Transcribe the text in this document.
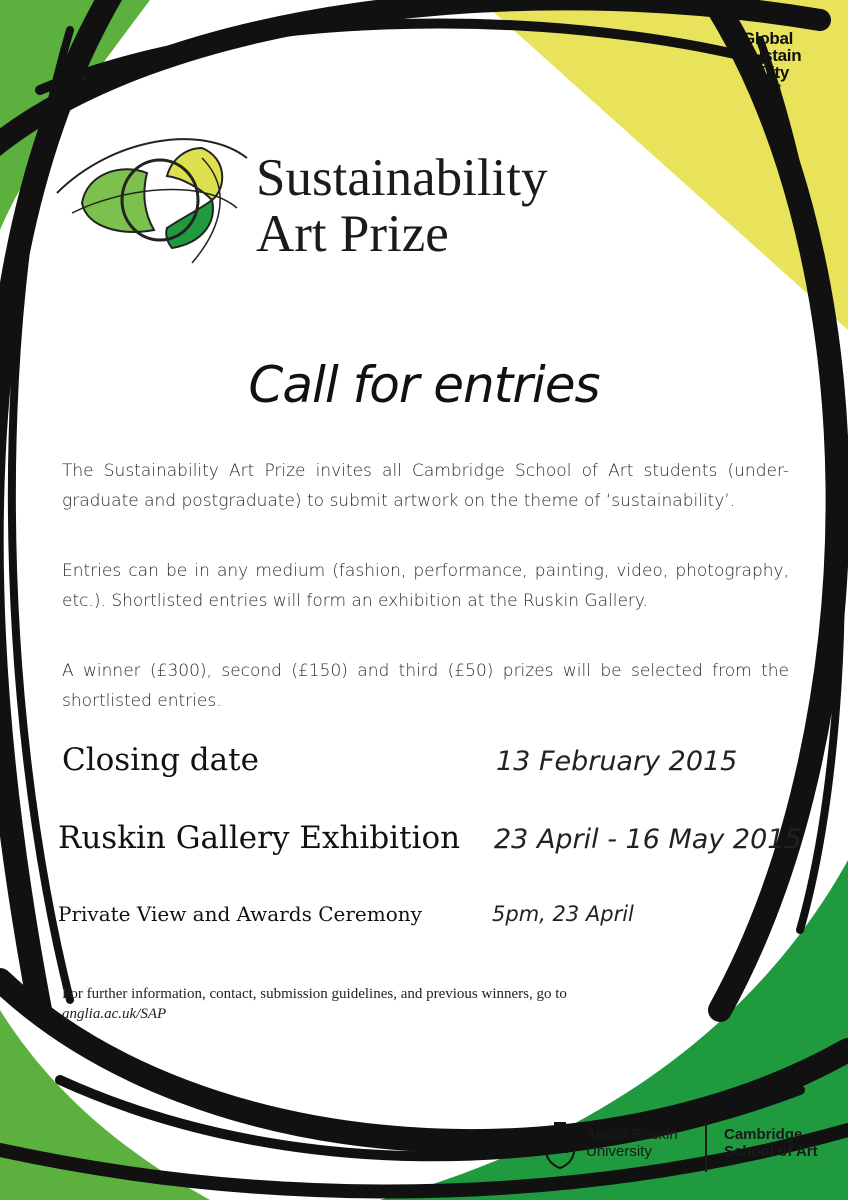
Global
Sustain
ability
Institute
Sustainability
Art Prize
Call for entries
The Sustainability Art Prize invites all Cambridge School of Art students (under-graduate and postgraduate) to submit artwork on the theme of ‘sustainability’.
Entries can be in any medium (fashion, performance, painting, video, photography, etc.). Shortlisted entries will form an exhibition at the Ruskin Gallery.
A winner (£300), second (£150) and third (£50) prizes will be selected from the shortlisted entries.
Closing date	13 February 2015
Ruskin Gallery Exhibition 23 April - 16 May 2015
Private View and Awards Ceremony	5pm, 23 April
For further information, contact, submission guidelines, and previous winners, go to anglia.ac.uk/SAP
Anglia Ruskin
University
Cambridge
School of Art
